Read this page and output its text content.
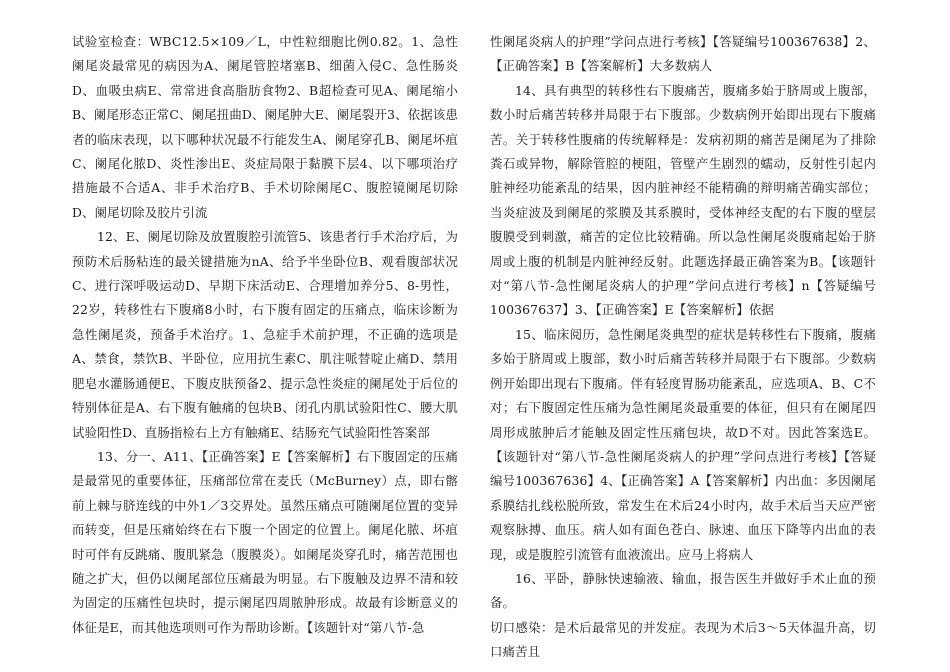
试验室检查：WBC12.5×109／L，中性粒细胞比例0.82。1、急性阑尾炎最常见的病因为A、阑尾管腔堵塞B、细菌入侵C、急性肠炎D、血吸虫病E、常常进食高脂肪食物2、B超检查可见A、阑尾缩小B、阑尾形态正常C、阑尾扭曲D、阑尾肿大E、阑尾裂开3、依据该患者的临床表现，以下哪种状况最不行能发生A、阑尾穿孔B、阑尾坏疽C、阑尾化脓D、炎性渗出E、炎症局限于黏膜下层4、以下哪项治疗措施最不合适A、非手术治疗B、手术切除阑尾C、腹腔镜阑尾切除D、阑尾切除及胶片引流

12、E、阑尾切除及放置腹腔引流管5、该患者行手术治疗后，为预防术后肠粘连的最关键措施为nA、给予半坐卧位B、观看腹部状况C、进行深呼吸运动D、早期下床活动E、合理增加养分5、8-男性，22岁，转移性右下腹痛8小时，右下腹有固定的压痛点，临床诊断为急性阑尾炎，预备手术治疗。1、急症手术前护理，不正确的选项是A、禁食，禁饮B、半卧位，应用抗生素C、肌注哌替啶止痛D、禁用肥皂水灌肠通便E、下腹皮肤预备2、提示急性炎症的阑尾处于后位的特别体征是A、右下腹有触痛的包块B、闭孔内肌试验阳性C、腰大肌试验阳性D、直肠指检右上方有触痛E、结肠充气试验阳性答案部

13、分一、A11、【正确答案】E【答案解析】右下腹固定的压痛是最常见的重要体征，压痛部位常在麦氏（McBurney）点，即右髂前上棘与脐连线的中外1／3交界处。虽然压痛点可随阑尾位置的变异而转变，但是压痛始终在右下腹一个固定的位置上。阑尾化脓、坏疽时可伴有反跳痛、腹肌紧急（腹膜炎）。如阑尾炎穿孔时，痛苦范围也随之扩大，但仍以阑尾部位压痛最为明显。右下腹触及边界不清和较为固定的压痛性包块时，提示阑尾四周脓肿形成。故最有诊断意义的体征是E，而其他选项则可作为帮助诊断。【该题针对“第八节-急

性阑尾炎病人的护理”学问点进行考核】【答疑编号100367638】2、【正确答案】B【答案解析】大多数病人

14、具有典型的转移性右下腹痛苦，腹痛多始于脐周或上腹部，数小时后痛苦转移并局限于右下腹部。少数病例开始即出现右下腹痛苦。关于转移性腹痛的传统解释是：发病初期的痛苦是阑尾为了排除粪石或异物，解除管腔的梗阻，管壁产生剧烈的蠕动，反射性引起内脏神经功能紊乱的结果，因内脏神经不能精确的辩明痛苦确实部位；当炎症波及到阑尾的浆膜及其系膜时，受体神经支配的右下腹的壁层腹膜受到刺激，痛苦的定位比较精确。所以急性阑尾炎腹痛起始于脐周或上腹的机制是内脏神经反射。此题选择最正确答案为B。【该题针对“第八节-急性阑尾炎病人的护理”学问点进行考核】n【答疑编号100367637】3、【正确答案】E【答案解析】依据

15、临床阅历，急性阑尾炎典型的症状是转移性右下腹痛，腹痛多始于脐周或上腹部，数小时后痛苦转移并局限于右下腹部。少数病例开始即出现右下腹痛。伴有轻度胃肠功能紊乱，应选项A、B、C不对；右下腹固定性压痛为急性阑尾炎最重要的体征，但只有在阑尾四周形成脓肿后才能触及固定性压痛包块，故D不对。因此答案选E。【该题针对“第八节-急性阑尾炎病人的护理”学问点进行考核】【答疑编号100367636】4、【正确答案】A【答案解析】内出血：多因阑尾系膜结扎线松脱所致，常发生在术后24小时内，故手术后当天应严密观察脉搏、血压。病人如有面色苍白、脉速、血压下降等内出血的表现，或是腹腔引流管有血液流出。应马上将病人

16、平卧，静脉快速输液、输血，报告医生并做好手术止血的预备。

切口感染：是术后最常见的并发症。表现为术后3～5天体温升高，切口痛苦且
